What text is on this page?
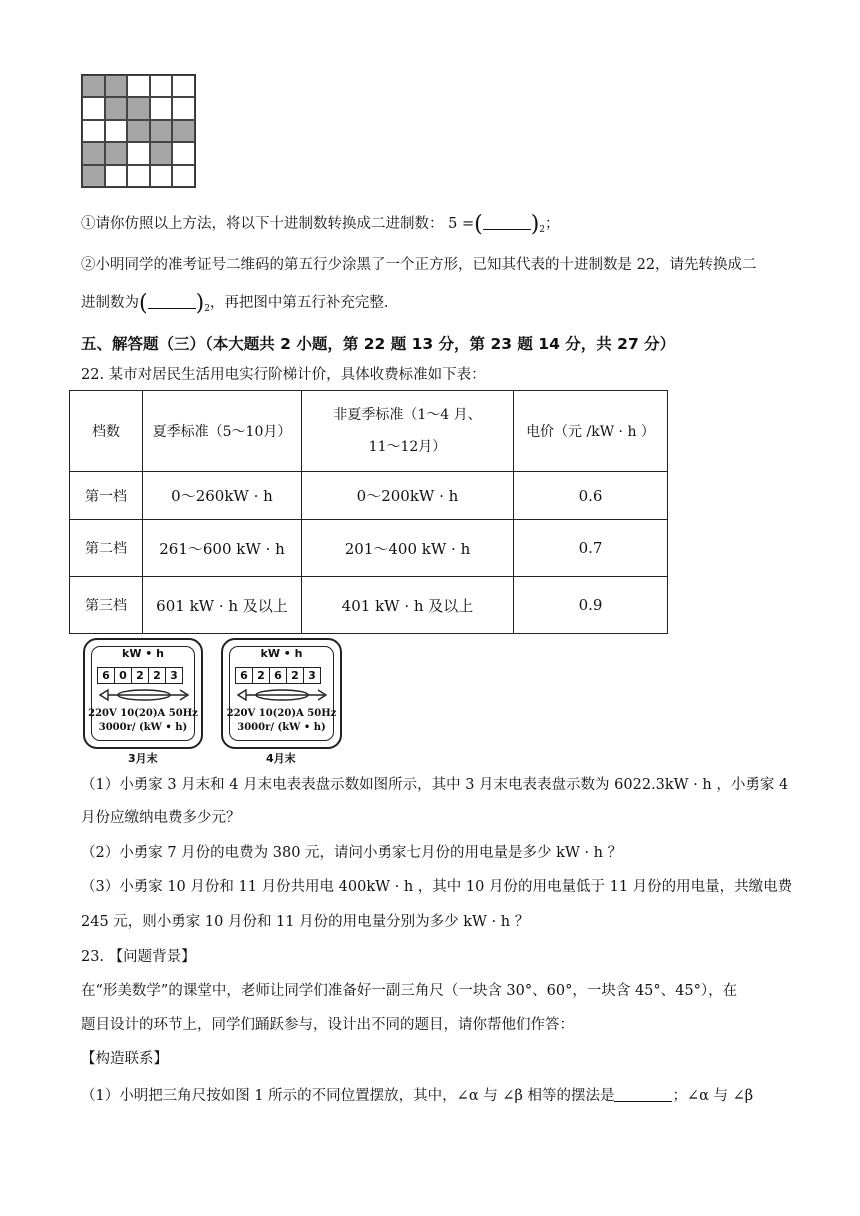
①请你仿照以上方法，将以下十进制数转换成二进制数： 5 =( )$_2$；
②小明同学的准考证号二维码的第五行少涂黑了一个正方形，已知其代表的十进制数是 22，请先转换成二
进制数为( )$_2$，再把图中第五行补充完整.
五、解答题（三）（本大题共 2 小题，第 22 题 13 分，第 23 题 14 分，共 27 分）
22. 某市对居民生活用电实行阶梯计价，具体收费标准如下表：
档数	夏季标准（5～10月）	非夏季标准（1～4 月、
11～12月）	电价（元 /kW · h ）
第一档	0～260kW · h	0～200kW · h	0.6
第二档	261～600 kW · h	201～400 kW · h	0.7
第三档	601 kW · h 及以上	401 kW · h 及以上	0.9
kW • h
6 0 2 2 3
220V 10(20)A 50Hz
3000r/ (kW • h)
3月末
kW • h
6 2 6 2 3
220V 10(20)A 50Hz
3000r/ (kW • h)
4月末
（1）小勇家 3 月末和 4 月末电表表盘示数如图所示，其中 3 月末电表表盘示数为 6022.3kW · h ，小勇家 4
月份应缴纳电费多少元？
（2）小勇家 7 月份的电费为 380 元，请问小勇家七月份的用电量是多少 kW · h ？
（3）小勇家 10 月份和 11 月份共用电 400kW · h ，其中 10 月份的用电量低于 11 月份的用电量，共缴电费
245 元，则小勇家 10 月份和 11 月份的用电量分别为多少 kW · h ？
23. 【问题背景】
在“形美数学”的课堂中，老师让同学们准备好一副三角尺（一块含 30°、60°，一块含 45°、45°），在
题目设计的环节上，同学们踊跃参与，设计出不同的题目，请你帮他们作答：
【构造联系】
（1）小明把三角尺按如图 1 所示的不同位置摆放，其中，∠α 与 ∠β 相等的摆法是	；∠α 与 ∠β
